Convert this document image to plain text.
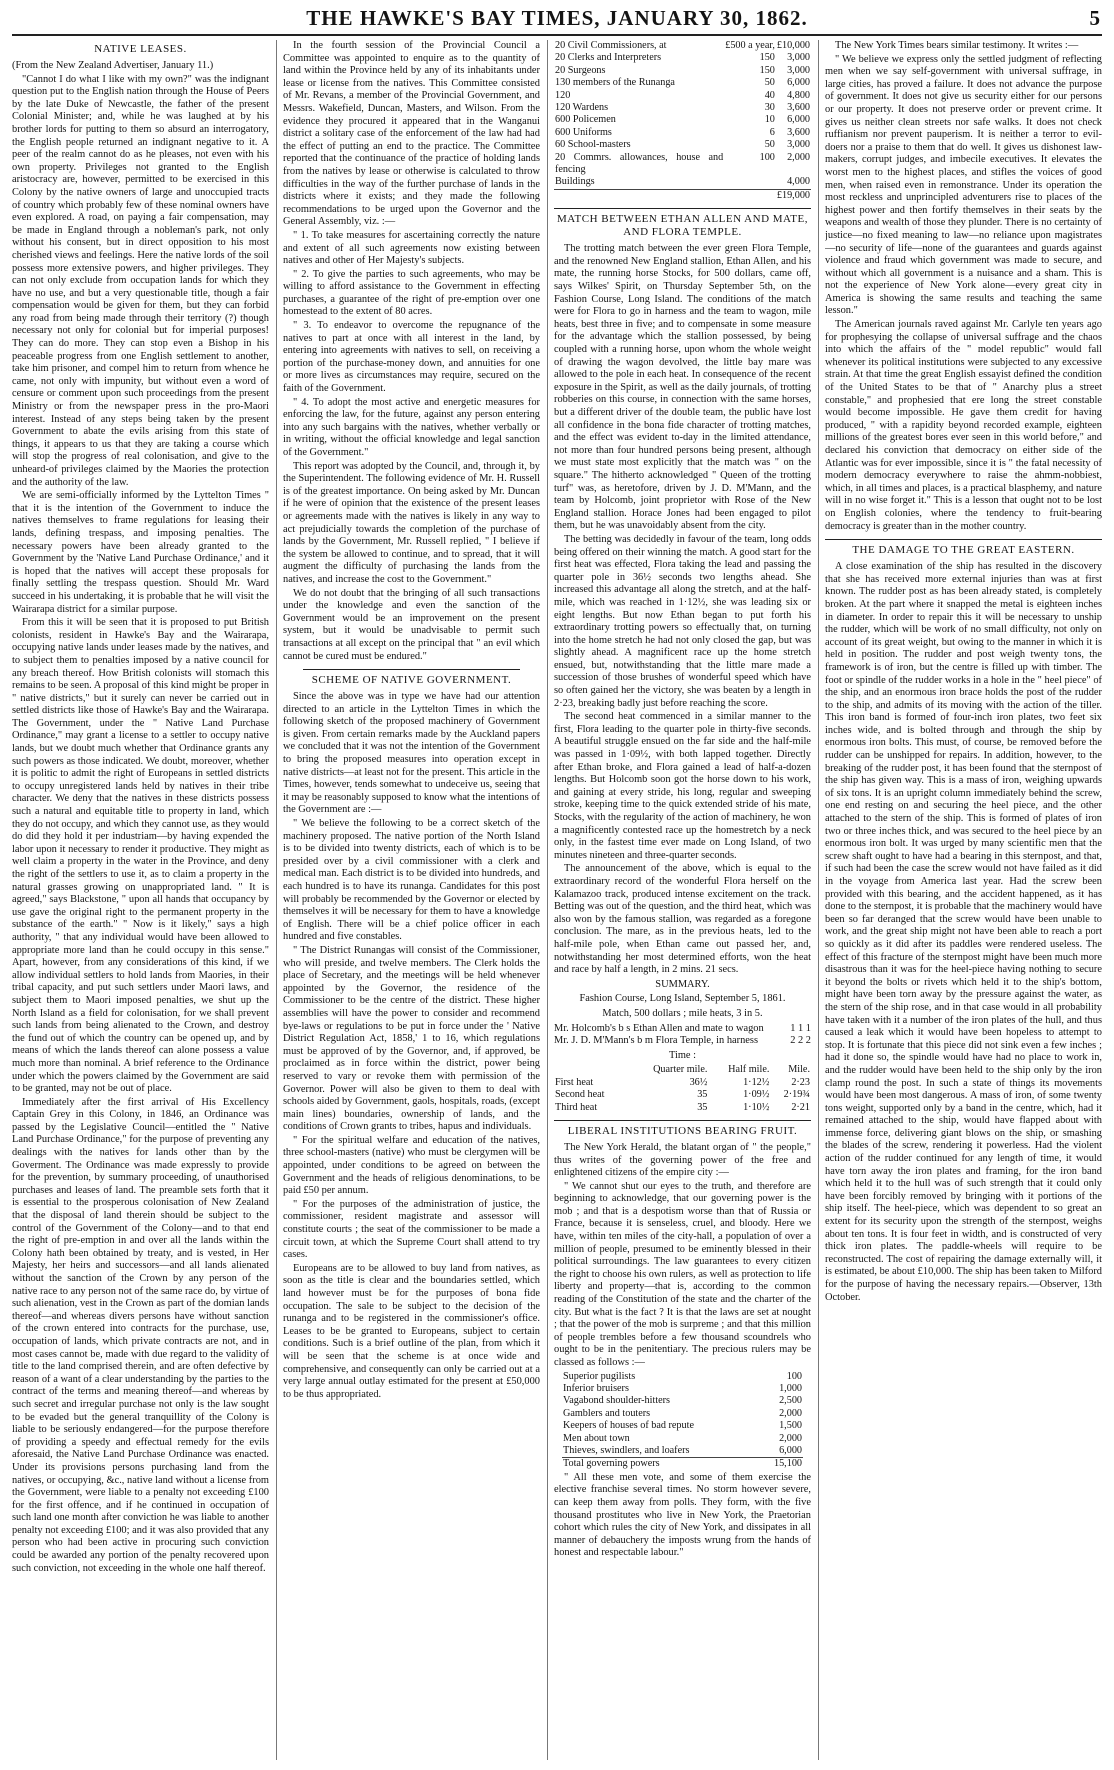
THE HAWKE'S BAY TIMES, JANUARY 30, 1862.	5
NATIVE LEASES.

(From the New Zealand Advertiser, January 11.)

"Cannot I do what I like with my own?" was the indignant question put to the English nation through the House of Peers by the late Duke of Newcastle, the father of the present Colonial Minister; and, while he was laughed at by his brother lords for putting to them so absurd an interrogatory, the English people returned an indignant negative to it. A peer of the realm cannot do as he pleases, not even with his own property. Privileges not granted to the English aristocracy are, however, permitted to be exercised in this Colony by the native owners of large and unoccupied tracts of country which probably few of these nominal owners have even explored. A road, on paying a fair compensation, may be made in England through a nobleman's park, not only without his consent, but in direct opposition to his most cherished views and feelings. Here the native lords of the soil possess more extensive powers, and higher privileges. They can not only exclude from occupation lands for which they have no use, and but a very questionable title, though a fair compensation would be given for them, but they can forbid any road from being made through their territory (?) though necessary not only for colonial but for imperial purposes! They can do more. They can stop even a Bishop in his peaceable progress from one English settlement to another, take him prisoner, and compel him to return from whence he came, not only with impunity, but without even a word of censure or comment upon such proceedings from the present Ministry or from the newspaper press in the pro-Maori interest. Instead of any steps being taken by the present Government to abate the evils arising from this state of things, it appears to us that they are taking a course which will stop the progress of real colonisation, and give to the unheard-of privileges claimed by the Maories the protection and the authority of the law.

We are semi-officially informed by the Lyttelton Times " that it is the intention of the Government to induce the natives themselves to frame regulations for leasing their lands, defining trespass, and imposing penalties. The necessary powers have been already granted to the Government by the 'Native Land Purchase Ordinance,' and it is hoped that the natives will accept these proposals for finally settling the trespass question. Should Mr. Ward succeed in his undertaking, it is probable that he will visit the Wairarapa district for a similar purpose.

From this it will be seen that it is proposed to put British colonists, resident in Hawke's Bay and the Wairarapa, occupying native lands under leases made by the natives, and to subject them to penalties imposed by a native council for any breach thereof. How British colonists will stomach this remains to be seen. A proposal of this kind might be proper in " native districts," but it surely can never be carried out in settled districts like those of Hawke's Bay and the Wairarapa. The Government, under the " Native Land Purchase Ordinance," may grant a license to a settler to occupy native lands, but we doubt much whether that Ordinance grants any such powers as those indicated. We doubt, moreover, whether it is politic to admit the right of Europeans in settled districts to occupy unregistered lands held by natives in their tribe character. We deny that the natives in these districts possess such a natural and equitable title to property in land, which they do not occupy, and which they cannot use, as they would do did they hold it per industriam—by having expended the labor upon it necessary to render it productive. They might as well claim a property in the water in the Province, and deny the right of the settlers to use it, as to claim a property in the natural grasses growing on unappropriated land. " It is agreed," says Blackstone, " upon all hands that occupancy by use gave the original right to the permanent property in the substance of the earth." " Now is it likely," says a high authority, " that any individual would have been allowed to appropriate more land than he could occupy in this sense." Apart, however, from any considerations of this kind, if we allow individual settlers to hold lands from Maories, in their tribal capacity, and put such settlers under Maori laws, and subject them to Maori imposed penalties, we shut up the North Island as a field for colonisation, for we shall prevent such lands from being alienated to the Crown, and destroy the fund out of which the country can be opened up, and by means of which the lands thereof can alone possess a value much more than nominal. A brief reference to the Ordinance under which the powers claimed by the Government are said to be granted, may not be out of place.

Immediately after the first arrival of His Excellency Captain Grey in this Colony, in 1846, an Ordinance was passed by the Legislative Council—entitled the " Native Land Purchase Ordinance," for the purpose of preventing any dealings with the natives for lands other than by the Goverment. The Ordinance was made expressly to provide for the prevention, by summary proceeding, of unauthorised purchases and leases of land. The preamble sets forth that it is essential to the prosperous colonisation of New Zealand that the disposal of land therein should be subject to the control of the Government of the Colony—and to that end the right of pre-emption in and over all the lands within the Colony hath been obtained by treaty, and is vested, in Her Majesty, her heirs and successors—and all lands alienated without the sanction of the Crown by any person of the native race to any person not of the same race do, by virtue of such alienation, vest in the Crown as part of the domian lands thereof—and whereas divers persons have without sanction of the crown entered into contracts for the purchase, use, occupation of lands, which private contracts are not, and in most cases cannot be, made with due regard to the validity of title to the land comprised therein, and are often defective by reason of a want of a clear understanding by the parties to the contract of the terms and meaning thereof—and whereas by such secret and irregular purchase not only is the law sought to be evaded but the general tranquillity of the Colony is liable to be seriously endangered—for the purpose therefore of providing a speedy and effectual remedy for the evils aforesaid, the Native Land Purchase Ordinance was enacted. Under its provisions persons purchasing land from the natives, or occupying, &c., native land without a license from the Government, were liable to a penalty not exceeding £100 for the first offence, and if he continued in occupation of such land one month after conviction he was liable to another penalty not exceeding £100; and it was also provided that any person who had been active in procuring such conviction could be awarded any portion of the penalty recovered upon such conviction, not exceeding in the whole one half thereof.

In the fourth session of the Provincial Council a Committee was appointed to enquire as to the quantity of land within the Province held by any of its inhabitants under lease or license from the natives. This Committee consisted of Mr. Revans, a member of the Provincial Government, and Messrs. Wakefield, Duncan, Masters, and Wilson. From the evidence they procured it appeared that in the Wanganui district a solitary case of the enforcement of the law had had the effect of putting an end to the practice. The Committee reported that the continuance of the practice of holding lands from the natives by lease or otherwise is calculated to throw difficulties in the way of the further purchase of lands in the districts where it exists; and they made the following recommendations to be urged upon the Governor and the General Assembly, viz. :—

" 1. To take measures for ascertaining correctly the nature and extent of all such agreements now existing between natives and other of Her Majesty's subjects.

" 2. To give the parties to such agreements, who may be willing to afford assistance to the Government in effecting purchases, a guarantee of the right of pre-emption over one homestead to the extent of 80 acres.

" 3. To endeavor to overcome the repugnance of the natives to part at once with all interest in the land, by entering into agreements with natives to sell, on receiving a portion of the purchase-money down, and annuities for one or more lives as circumstances may require, secured on the faith of the Government.

" 4. To adopt the most active and energetic measures for enforcing the law, for the future, against any person entering into any such bargains with the natives, whether verbally or in writing, without the official knowledge and legal sanction of the Government."

This report was adopted by the Council, and, through it, by the Superintendent. The following evidence of Mr. H. Russell is of the greatest importance. On being asked by Mr. Duncan if he were of opinion that the existence of the present leases or agreements made with the natives is likely in any way to act prejudicially towards the completion of the purchase of lands by the Government, Mr. Russell replied, " I believe if the system be allowed to continue, and to spread, that it will augment the difficulty of purchasing the lands from the natives, and increase the cost to the Government."

We do not doubt that the bringing of all such transactions under the knowledge and even the sanction of the Government would be an improvement on the present system, but it would be unadvisable to permit such transactions at all except on the principal that " an evil which cannot be cured must be endured."

SCHEME OF NATIVE GOVERNMENT.

Since the above was in type we have had our attention directed to an article in the Lyttelton Times in which the following sketch of the proposed machinery of Government is given. From certain remarks made by the Auckland papers we concluded that it was not the intention of the Government to bring the proposed measures into operation except in native districts—at least not for the present. This article in the Times, however, tends somewhat to undeceive us, seeing that it may be reasonably supposed to know what the intentions of the Government are :—

" We believe the following to be a correct sketch of the machinery proposed. The native portion of the North Island is to be divided into twenty districts, each of which is to be presided over by a civil commissioner with a clerk and medical man. Each district is to be divided into hundreds, and each hundred is to have its runanga. Candidates for this post will probably be recommended by the Governor or elected by themselves it will be necessary for them to have a knowledge of English. There will be a chief police officer in each hundred and five constables.

" The District Runangas will consist of the Commissioner, who will preside, and twelve members. The Clerk holds the place of Secretary, and the meetings will be held whenever appointed by the Governor, the residence of the Commissioner to be the centre of the district. These higher assemblies will have the power to consider and recommend bye-laws or regulations to be put in force under the ' Native District Regulation Act, 1858,' 1 to 16, which regulations must be approved of by the Governor, and, if approved, be proclaimed as in force within the district, power being reserved to vary or revoke them with permission of the Governor. Power will also be given to them to deal with schools aided by Government, gaols, hospitals, roads, (except main lines) boundaries, ownership of lands, and the conditions of Crown grants to tribes, hapus and individuals.

" For the spiritual welfare and education of the natives, three school-masters (native) who must be clergymen will be appointed, under conditions to be agreed on between the Government and the heads of religious denominations, to be paid £50 per annum.

" For the purposes of the administration of justice, the commissioner, resident magistrate and assessor will constitute courts ; the seat of the commissioner to be made a circuit town, at which the Supreme Court shall attend to try cases.

Europeans are to be allowed to buy land from natives, as soon as the title is clear and the boundaries settled, which land however must be for the purposes of bona fide occupation. The sale to be subject to the decision of the runanga and to be registered in the commissioner's office. Leases to be be granted to Europeans, subject to certain conditions. Such is a brief outline of the plan, from which it will be seen that the scheme is at once wide and comprehensive, and consequently can only be carried out at a very large annual outlay estimated for the present at £50,000 to be thus appropriated.

20 Civil Commissioners, at	£500 a year,	£10,000
20 Clerks and Interpreters	150	3,000
20 Surgeons	150	3,000
130 members of the Runanga	50	6,000
120	40	4,800
120 Wardens	30	3,600
600 Policemen	10	6,000
600 Uniforms	6	3,600
60 School-masters	50	3,000
20 Commrs. allowances, house and fencing	100	2,000
Buildings		4,000
		£19,000
MATCH BETWEEN ETHAN ALLEN AND MATE, AND FLORA TEMPLE.

The trotting match between the ever green Flora Temple, and the renowned New England stallion, Ethan Allen, and his mate, the running horse Stocks, for 500 dollars, came off, says Wilkes' Spirit, on Thursday September 5th, on the Fashion Course, Long Island. The conditions of the match were for Flora to go in harness and the team to wagon, mile heats, best three in five; and to compensate in some measure for the advantage which the stallion possessed, by being coupled with a running horse, upon whom the whole weight of drawing the wagon devolved, the little bay mare was allowed to the pole in each heat. In consequence of the recent exposure in the Spirit, as well as the daily journals, of trotting robberies on this course, in connection with the same horses, but a different driver of the double team, the public have lost all confidence in the bona fide character of trotting matches, and the effect was evident to-day in the limited attendance, not more than four hundred persons being present, although we must state most explicitly that the match was " on the square." The hitherto acknowledged " Queen of the trotting turf" was, as heretofore, driven by J. D. M'Mann, and the team by Holcomb, joint proprietor with Rose of the New England stallion. Horace Jones had been engaged to pilot them, but he was unavoidably absent from the city.

The betting was decidedly in favour of the team, long odds being offered on their winning the match. A good start for the first heat was effected, Flora taking the lead and passing the quarter pole in 36½ seconds two lengths ahead. She increased this advantage all along the stretch, and at the half-mile, which was reached in 1·12½, she was leading six or eight lengths. But now Ethan began to put forth his extraordinary trotting powers so effectually that, on turning into the home stretch he had not only closed the gap, but was slightly ahead. A magnificent race up the home stretch ensued, but, notwithstanding that the little mare made a succession of those brushes of wonderful speed which have so often gained her the victory, she was beaten by a length in 2·23, breaking badly just before reaching the score.

The second heat commenced in a similar manner to the first, Flora leading to the quarter pole in thirty-five seconds. A beautiful struggle ensued on the far side and the half-mile was passed in 1·09½, with both lapped together. Directly after Ethan broke, and Flora gained a lead of half-a-dozen lengths. But Holcomb soon got the horse down to his work, and gaining at every stride, his long, regular and sweeping stroke, keeping time to the quick extended stride of his mate, Stocks, with the regularity of the action of machinery, he won a magnificently contested race up the homestretch by a neck only, in the fastest time ever made on Long Island, of two minutes nineteen and three-quarter seconds.

The announcement of the above, which is equal to the extraordinary record of the wonderful Flora herself on the Kalamazoo track, produced intense excitement on the track. Betting was out of the question, and the third heat, which was also won by the famous stallion, was regarded as a foregone conclusion. The mare, as in the previous heats, led to the half-mile pole, when Ethan came out passed her, and, notwithstanding her most determined efforts, won the heat and race by half a length, in 2 mins. 21 secs.

SUMMARY.
Fashion Course, Long Island, September 5, 1861.
Match, 500 dollars ; mile heats, 3 in 5.
Mr. Holcomb's b s Ethan Allen and mate to wagon	1 1 1
Mr. J. D. M'Mann's b m Flora Temple, in harness	2 2 2
Time :
	Quarter mile.	Half mile.	Mile.
First heat	36½	1·12½	2·23
Second heat	35	1·09½	2·19¾
Third heat	35	1·10½	2·21
LIBERAL INSTITUTIONS BEARING FRUIT.

The New York Herald, the blatant organ of " the people," thus writes of the governing power of the free and enlightened citizens of the empire city :—

" We cannot shut our eyes to the truth, and therefore are beginning to acknowledge, that our governing power is the mob ; and that is a despotism worse than that of Russia or France, because it is senseless, cruel, and bloody. Here we have, within ten miles of the city-hall, a population of over a million of people, presumed to be eminently blessed in their political surroundings. The law guarantees to every citizen the right to choose his own rulers, as well as protection to life liberty and property—that is, according to the common reading of the Constitution of the state and the charter of the city. But what is the fact ? It is that the laws are set at nought ; that the power of the mob is surpreme ; and that this million of people trembles before a few thousand scoundrels who ought to be in the penitentiary. The precious rulers may be classed as follows :—

Superior pugilists	100
Inferior bruisers	1,000
Vagabond shoulder-hitters	2,500
Gamblers and touters	2,000
Keepers of houses of bad repute	1,500
Men about town	2,000
Thieves, swindlers, and loafers	6,000
Total governing powers	15,100

" All these men vote, and some of them exercise the elective franchise several times. No storm however severe, can keep them away from polls. They form, with the five thousand prostitutes who live in New York, the Praetorian cohort which rules the city of New York, and dissipates in all manner of debauchery the imposts wrung from the hands of honest and respectable labour."

The New York Times bears similar testimony. It writes :—

" We believe we express only the settled judgment of reflecting men when we say self-government with universal suffrage, in large cities, has proved a failure. It does not advance the purpose of government. It does not give us security either for our persons or our property. It does not preserve order or prevent crime. It gives us neither clean streets nor safe walks. It does not check ruffianism nor prevent pauperism. It is neither a terror to evil-doers nor a praise to them that do well. It gives us dishonest law-makers, corrupt judges, and imbecile executives. It elevates the worst men to the highest places, and stifles the voices of good men, when raised even in remonstrance. Under its operation the most reckless and unprincipled adventurers rise to places of the highest power and then fortify themselves in their seats by the weapons and wealth of those they plunder. There is no certainty of justice—no fixed meaning to law—no reliance upon magistrates—no security of life—none of the guarantees and guards against violence and fraud which government was made to secure, and without which all government is a nuisance and a sham. This is not the experience of New York alone—every great city in America is showing the same results and teaching the same lesson."

The American journals raved against Mr. Carlyle ten years ago for prophesying the collapse of universal suffrage and the chaos into which the affairs of the " model republic" would fall whenever its political institutions were subjected to any excessive strain. At that time the great English essayist defined the condition of the United States to be that of " Anarchy plus a street constable," and prophesied that ere long the street constable would become impossible. He gave them credit for having produced, " with a rapidity beyond recorded example, eighteen millions of the greatest bores ever seen in this world before," and declared his conviction that democracy on either side of the Atlantic was for ever impossible, since it is " the fatal necessity of modern democracy everywhere to raise the ahmm-nobbiest, which, in all times and places, is a practical blasphemy, and nature will in no wise forget it." This is a lesson that ought not to be lost on English colonies, where the tendency to fruit-bearing democracy is greater than in the mother country.

THE DAMAGE TO THE GREAT EASTERN.

A close examination of the ship has resulted in the discovery that she has received more external injuries than was at first known. The rudder post as has been already stated, is completely broken. At the part where it snapped the metal is eighteen inches in diameter. In order to repair this it will be necessary to unship the rudder, which will be work of no small difficulty, not only on account of its great weight, but owing to the manner in which it is held in position. The rudder and post weigh twenty tons, the framework is of iron, but the centre is filled up with timber. The foot or spindle of the rudder works in a hole in the " heel piece" of the ship, and an enormous iron brace holds the post of the rudder to the ship, and admits of its moving with the action of the tiller. This iron band is formed of four-inch iron plates, two feet six inches wide, and is bolted through and through the ship by enormous iron bolts. This must, of course, be removed before the rudder can be unshipped for repairs. In addition, however, to the breaking of the rudder post, it has been found that the sternpost of the ship has given way. This is a mass of iron, weighing upwards of six tons. It is an upright column immediately behind the screw, one end resting on and securing the heel piece, and the other attached to the stern of the ship. This is formed of plates of iron two or three inches thick, and was secured to the heel piece by an enormous iron bolt. It was urged by many scientific men that the screw shaft ought to have had a bearing in this sternpost, and that, if such had been the case the screw would not have failed as it did in the voyage from America last year. Had the screw been provided with this bearing, and the accident happened, as it has done to the sternpost, it is probable that the machinery would have been so far deranged that the screw would have been unable to work, and the great ship might not have been able to reach a port so quickly as it did after its paddles were rendered useless. The effect of this fracture of the sternpost might have been much more disastrous than it was for the heel-piece having nothing to secure it beyond the bolts or rivets which held it to the ship's bottom, might have been torn away by the pressure against the water, as the stern of the ship rose, and in that case would in all probability have taken with it a number of the iron plates of the hull, and thus caused a leak which it would have been hopeless to attempt to stop. It is fortunate that this piece did not sink even a few inches ; had it done so, the spindle would have had no place to work in, and the rudder would have been held to the ship only by the iron clamp round the post. In such a state of things its movements would have been most dangerous. A mass of iron, of some twenty tons weight, supported only by a band in the centre, which, had it remained attached to the ship, would have flapped about with immense force, delivering giant blows on the ship, or smashing the blades of the screw, rendering it powerless. Had the violent action of the rudder continued for any length of time, it would have torn away the iron plates and framing, for the iron band which held it to the hull was of such strength that it could only have been forcibly removed by bringing with it portions of the ship itself. The heel-piece, which was dependent to so great an extent for its security upon the strength of the sternpost, weighs about ten tons. It is four feet in width, and is constructed of very thick iron plates. The paddle-wheels will require to be reconstructed. The cost of repairing the damage externally will, it is estimated, be about £10,000. The ship has been taken to Milford for the purpose of having the necessary repairs.—Observer, 13th October.
